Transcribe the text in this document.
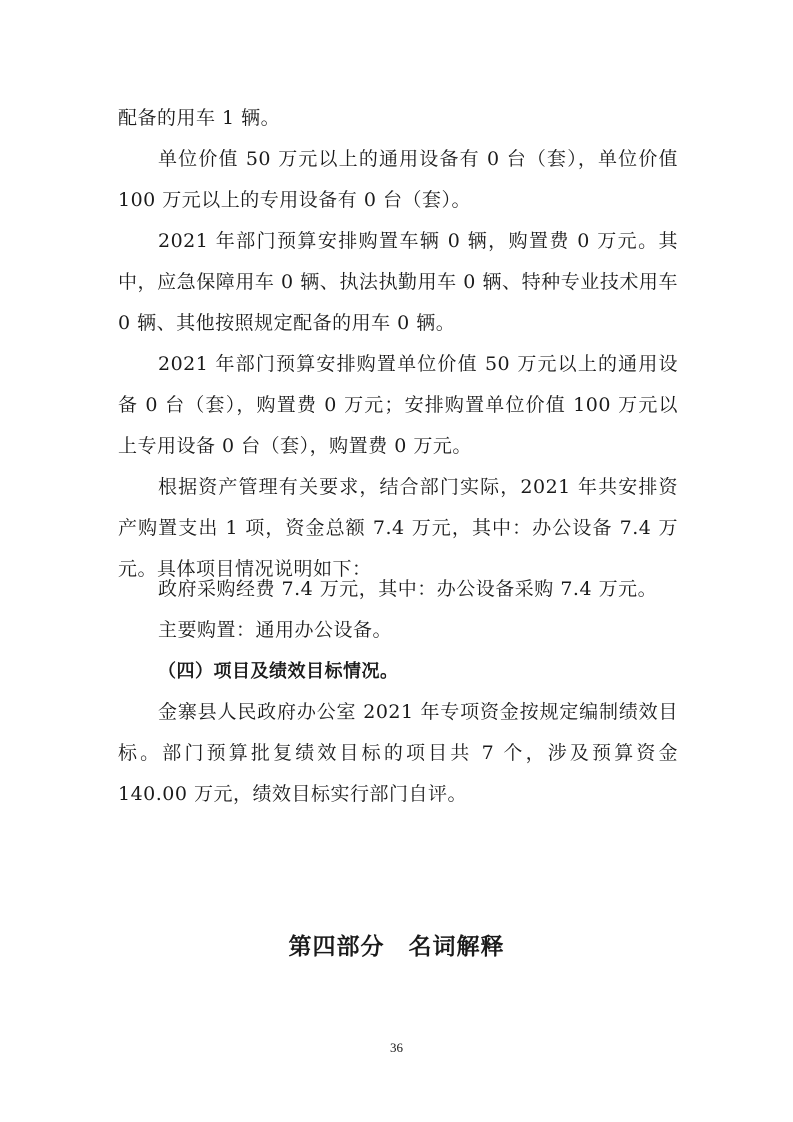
配备的用车 1 辆。

单位价值 50 万元以上的通用设备有 0 台（套），单位价值 100 万元以上的专用设备有 0 台（套）。

2021 年部门预算安排购置车辆 0 辆，购置费 0 万元。其中，应急保障用车 0 辆、执法执勤用车 0 辆、特种专业技术用车 0 辆、其他按照规定配备的用车 0 辆。

2021 年部门预算安排购置单位价值 50 万元以上的通用设备 0 台（套），购置费 0 万元；安排购置单位价值 100 万元以上专用设备 0 台（套），购置费 0 万元。

根据资产管理有关要求，结合部门实际，2021 年共安排资产购置支出 1 项，资金总额 7.4 万元，其中：办公设备 7.4 万元。具体项目情况说明如下：

政府采购经费 7.4 万元，其中：办公设备采购 7.4 万元。

主要购置：通用办公设备。

（四）项目及绩效目标情况。

金寨县人民政府办公室 2021 年专项资金按规定编制绩效目标。部门预算批复绩效目标的项目共 7 个，涉及预算资金 140.00 万元，绩效目标实行部门自评。

第四部分　名词解释

36
